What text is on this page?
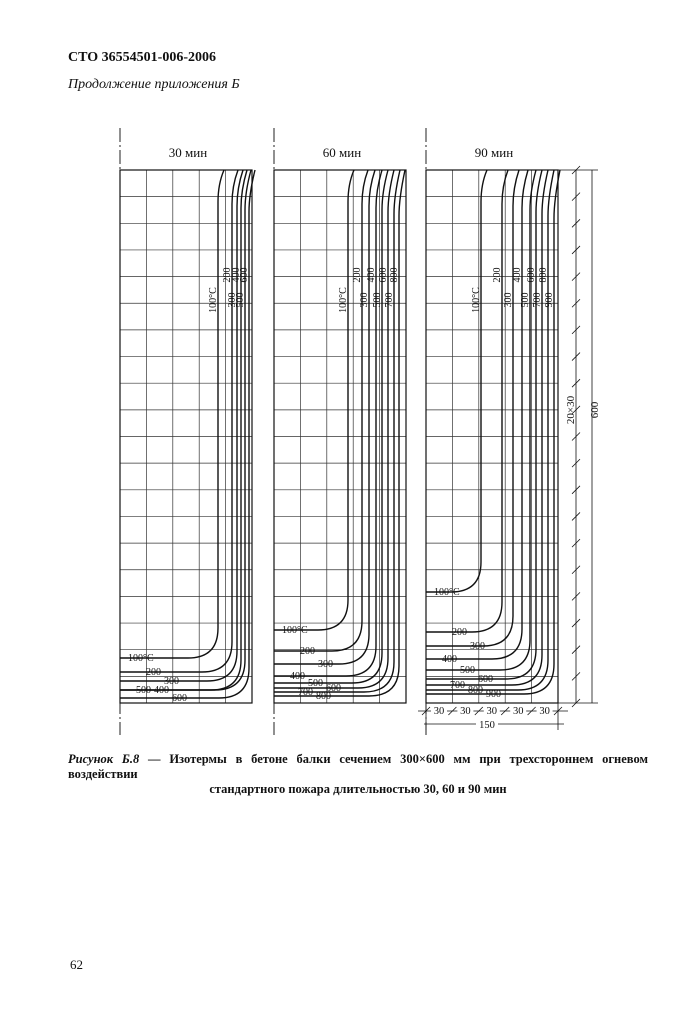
СТО 36554501-006-2006
Продолжение приложения Б
30 мин
100°С
200
300
400
500
600
100°С
200
300
500 400
600
60 мин
100°С
200
300
400
500
600
700
800
100°С
200
300
400
500 600
700 800
90 мин
100°С
200
300
400
500
600
700
800
900
100°С
200
300
400
500
600
700 800 900
20×30 600
30 30 30 30 30
150
Рисунок Б.8 — Изотермы в бетоне балки сечением 300×600 мм при трехстороннем огневом воздействии
стандартного пожара длительностью 30, 60 и 90 мин
62
